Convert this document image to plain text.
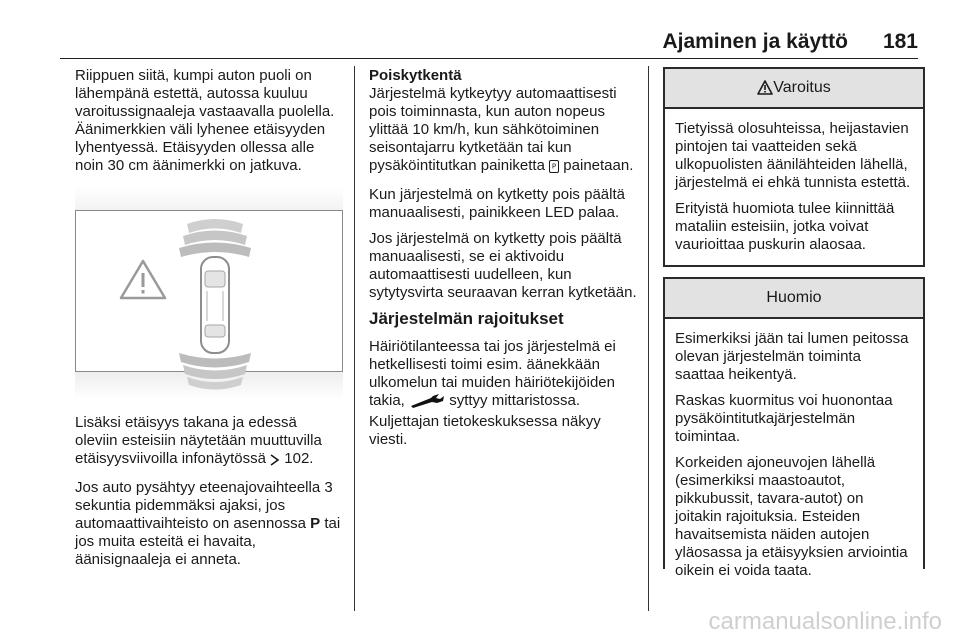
Ajaminen ja käyttö 181

Riippuen siitä, kumpi auton puoli on lähempänä estettä, autossa kuuluu varoitussignaaleja vastaavalla puolella. Äänimerkkien väli lyhenee etäisyyden lyhentyessä. Etäisyyden ollessa alle noin 30 cm äänimerkki on jatkuva.

Lisäksi etäisyys takana ja edessä oleviin esteisiin näytetään muuttuvilla etäisyysviivoilla infonäytössä 102.

Jos auto pysähtyy eteenajovaihteella 3 sekuntia pidemmäksi ajaksi, jos automaattivaihteisto on asennossa P tai jos muita esteitä ei havaita, äänisignaaleja ei anneta.

Poiskytkentä

Järjestelmä kytkeytyy automaattisesti pois toiminnasta, kun auton nopeus ylittää 10 km/h, kun sähkötoiminen seisontajarru kytketään tai kun pysäköintitutkan painiketta P painetaan.

Kun järjestelmä on kytketty pois päältä manuaalisesti, painikkeen LED palaa.

Jos järjestelmä on kytketty pois päältä manuaalisesti, se ei aktivoidu automaattisesti uudelleen, kun sytytysvirta seuraavan kerran kytketään.

Järjestelmän rajoitukset

Häiriötilanteessa tai jos järjestelmä ei hetkellisesti toimi esim. äänekkään ulkomelun tai muiden häiriötekijöiden takia,	syttyy mittaristossa.
Kuljettajan tietokeskuksessa näkyy viesti.

Varoitus

Tietyissä olosuhteissa, heijastavien pintojen tai vaatteiden sekä ulkopuolisten äänilähteiden lähellä, järjestelmä ei ehkä tunnista estettä.

Erityistä huomiota tulee kiinnittää mataliin esteisiin, jotka voivat vaurioittaa puskurin alaosaa.

Huomio

Esimerkiksi jään tai lumen peitossa olevan järjestelmän toiminta saattaa heikentyä.

Raskas kuormitus voi huonontaa pysäköintitutkajärjestelmän toimintaa.

Korkeiden ajoneuvojen lähellä (esimerkiksi maastoautot, pikkubussit, tavara-autot) on joitakin rajoituksia. Esteiden havaitsemista näiden autojen yläosassa ja etäisyyksien arviointia oikein ei voida taata.

carmanualsonline.info
